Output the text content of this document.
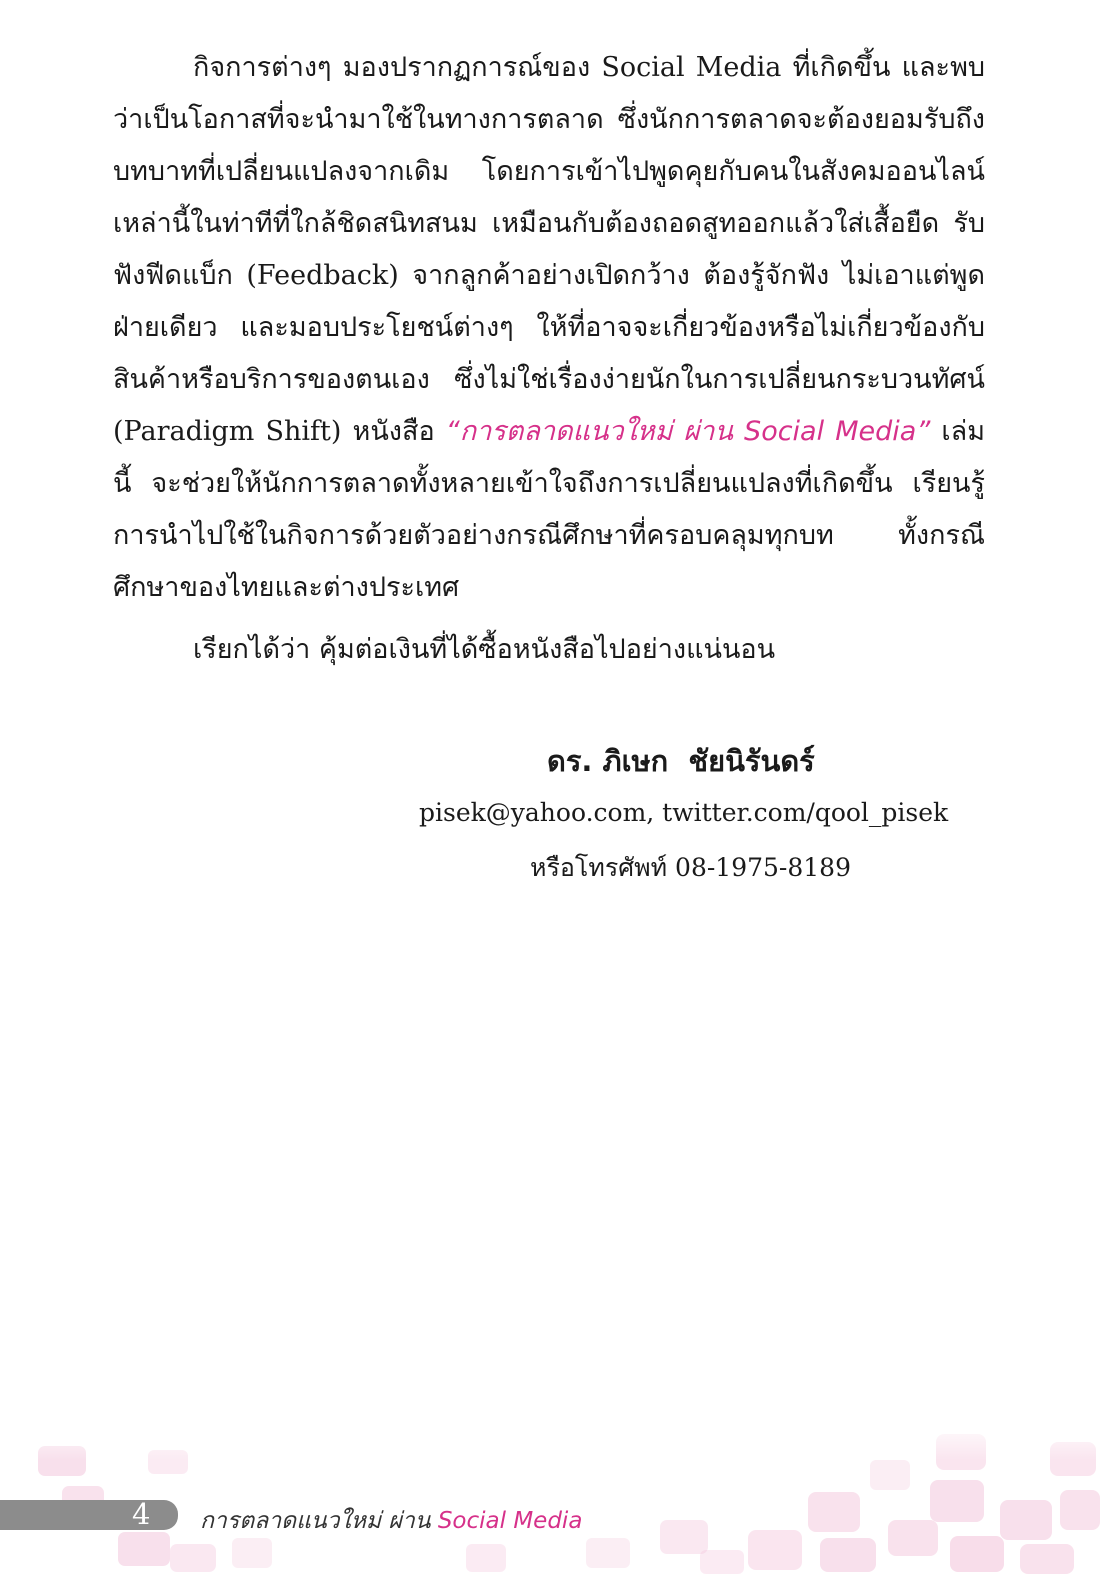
กิจการต่างๆ มองปรากฏการณ์ของ Social Media ที่เกิดขึ้น และพบว่าเป็นโอกาสที่จะนำมาใช้ในทางการตลาด ซึ่งนักการตลาดจะต้องยอมรับถึงบทบาทที่เปลี่ยนแปลงจากเดิม โดยการเข้าไปพูดคุยกับคนในสังคมออนไลน์เหล่านี้ในท่าทีที่ใกล้ชิดสนิทสนม เหมือนกับต้องถอดสูทออกแล้วใส่เสื้อยืด รับฟังฟีดแบ็ก (Feedback) จากลูกค้าอย่างเปิดกว้าง ต้องรู้จักฟัง ไม่เอาแต่พูดฝ่ายเดียว และมอบประโยชน์ต่างๆ ให้ที่อาจจะเกี่ยวข้องหรือไม่เกี่ยวข้องกับสินค้าหรือบริการของตนเอง ซึ่งไม่ใช่เรื่องง่ายนักในการเปลี่ยนกระบวนทัศน์ (Paradigm Shift) หนังสือ “การตลาดแนวใหม่ ผ่าน Social Media” เล่มนี้ จะช่วยให้นักการตลาดทั้งหลายเข้าใจถึงการเปลี่ยนแปลงที่เกิดขึ้น เรียนรู้การนำไปใช้ในกิจการด้วยตัวอย่างกรณีศึกษาที่ครอบคลุมทุกบท ทั้งกรณีศึกษาของไทยและต่างประเทศ

เรียกได้ว่า คุ้มต่อเงินที่ได้ซื้อหนังสือไปอย่างแน่นอน

ดร. ภิเษก  ชัยนิรันดร์
pisek@yahoo.com, twitter.com/qool_pisek
หรือโทรศัพท์ 08-1975-8189
4 การตลาดแนวใหม่ ผ่าน Social Media
